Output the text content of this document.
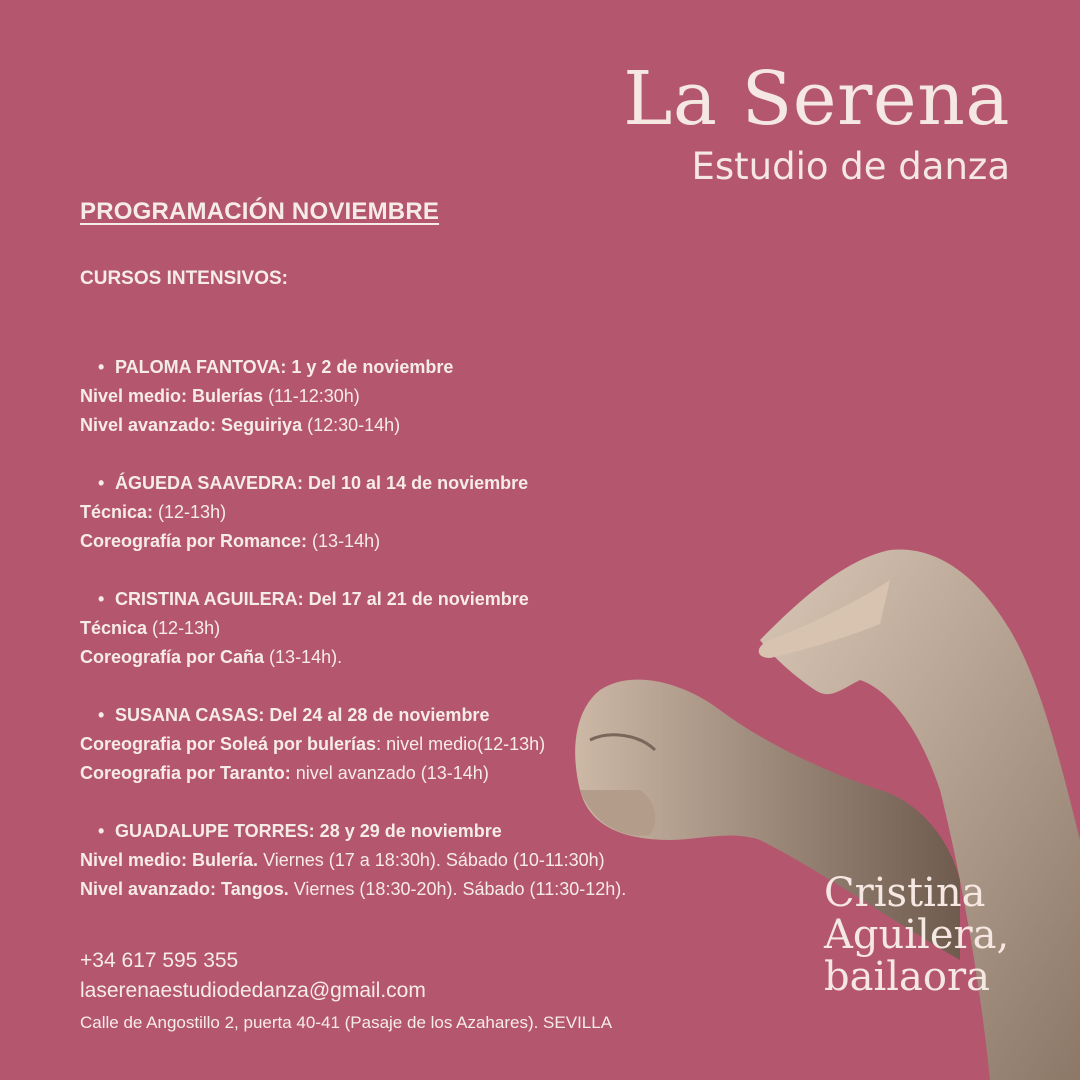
La Serena
Estudio de danza
PROGRAMACIÓN NOVIEMBRE
CURSOS INTENSIVOS:
• PALOMA FANTOVA: 1 y 2 de noviembre
Nivel medio: Bulerías (11-12:30h)
Nivel avanzado: Seguiriya (12:30-14h)
• ÁGUEDA SAAVEDRA: Del 10 al 14 de noviembre
Técnica: (12-13h)
Coreografía por Romance: (13-14h)
• CRISTINA AGUILERA: Del 17 al 21 de noviembre
Técnica (12-13h)
Coreografía por Caña (13-14h).
• SUSANA CASAS: Del 24 al 28 de noviembre
Coreografia por Soleá por bulerías: nivel medio(12-13h)
Coreografia por Taranto: nivel avanzado (13-14h)
• GUADALUPE TORRES: 28 y 29 de noviembre
Nivel medio: Bulería. Viernes (17 a 18:30h). Sábado (10-11:30h)
Nivel avanzado: Tangos. Viernes (18:30-20h). Sábado (11:30-12h).	Cristina
Aguilera,
bailaora
+34 617 595 355
laserenaestudiodedanza@gmail.com
Calle de Angostillo 2, puerta 40-41 (Pasaje de los Azahares). SEVILLA
